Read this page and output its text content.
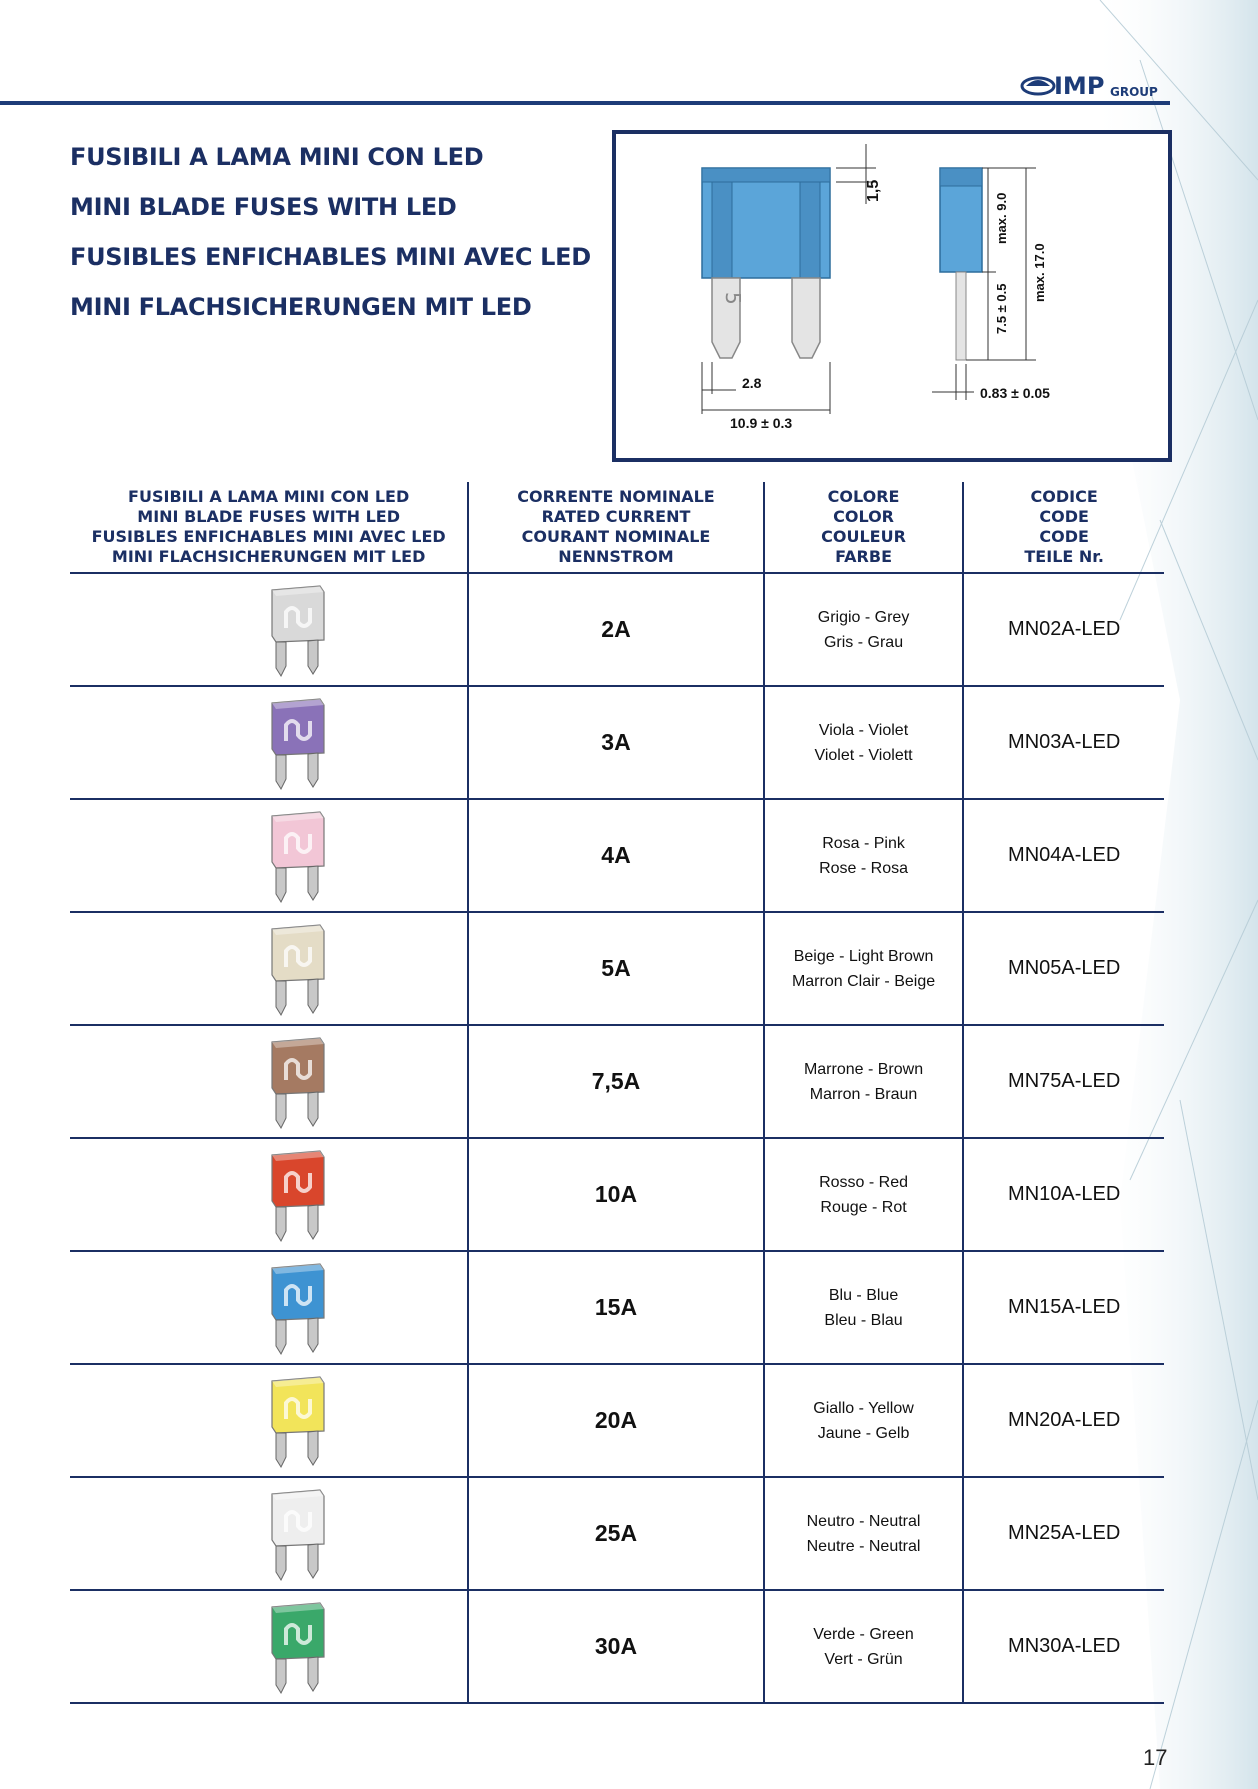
IMP GROUP
FUSIBILI A LAMA MINI CON LED
MINI BLADE FUSES WITH LED
FUSIBLES ENFICHABLES MINI AVEC LED
MINI FLACHSICHERUNGEN MIT LED	5
1,5
2.8
10.9 ± 0.3
max. 9.0
max. 17.0
7.5 ± 0.5
0.83 ± 0.05
FUSIBILI A LAMA MINI CON LED
MINI BLADE FUSES WITH LED
FUSIBLES ENFICHABLES MINI AVEC LED
MINI FLACHSICHERUNGEN MIT LED
CORRENTE NOMINALE
RATED CURRENT
COURANT NOMINALE
NENNSTROM
COLORE
COLOR
COULEUR
FARBE
CODICE
CODE
CODE
TEILE Nr.
2A	Grigio - Grey
Gris - Grau
MN02A-LED
3A	Viola - Violet
Violet - Violett
MN03A-LED
4A	Rosa - Pink
Rose - Rosa
MN04A-LED
5A	Beige - Light Brown
Marron Clair - Beige
MN05A-LED
7,5A	Marrone - Brown
Marron - Braun
MN75A-LED
10A	Rosso - Red
Rouge - Rot
MN10A-LED
15A	Blu - Blue
Bleu - Blau
MN15A-LED
20A	Giallo - Yellow
Jaune - Gelb
MN20A-LED
25A	Neutro - Neutral
Neutre - Neutral
MN25A-LED
30A	Verde - Green
Vert - Grün
MN30A-LED
17
